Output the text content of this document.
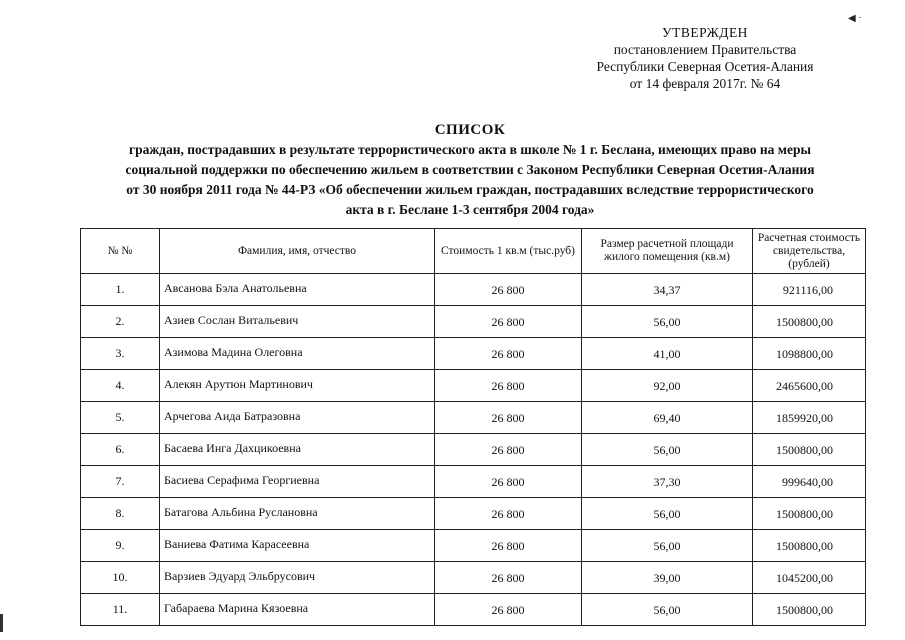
◀ ·
УТВЕРЖДЕН
постановлением Правительства
Республики Северная Осетия-Алания
от 14 февраля 2017г. № 64
СПИСОК
граждан, пострадавших в результате террористического акта в школе № 1 г. Беслана, имеющих право на меры
социальной поддержки по обеспечению жильем в соответствии с Законом Республики Северная Осетия-Алания
от 30 ноября 2011 года № 44-РЗ «Об обеспечении жильем граждан, пострадавших вследствие террористического
акта в г. Беслане 1-3 сентября 2004 года»
№ №	Фамилия, имя, отчество	Стоимость 1 кв.м (тыс.руб)	Размер расчетной площади жилого помещения (кв.м)	Расчетная стоимость свидетельства, (рублей)
1.	Авсанова Бэла Анатольевна	26 800	34,37	921116,00
2.	Азиев Сослан Витальевич	26 800	56,00	1500800,00
3.	Азимова Мадина Олеговна	26 800	41,00	1098800,00
4.	Алекян Арутюн Мартинович	26 800	92,00	2465600,00
5.	Арчегова Аида Батразовна	26 800	69,40	1859920,00
6.	Басаева Инга Дахцикоевна	26 800	56,00	1500800,00
7.	Басиева Серафима Георгиевна	26 800	37,30	999640,00
8.	Батагова Альбина Руслановна	26 800	56,00	1500800,00
9.	Ваниева Фатима Карасеевна	26 800	56,00	1500800,00
10.	Варзиев Эдуард Эльбрусович	26 800	39,00	1045200,00
11.	Габараева Марина Кязоевна	26 800	56,00	1500800,00
